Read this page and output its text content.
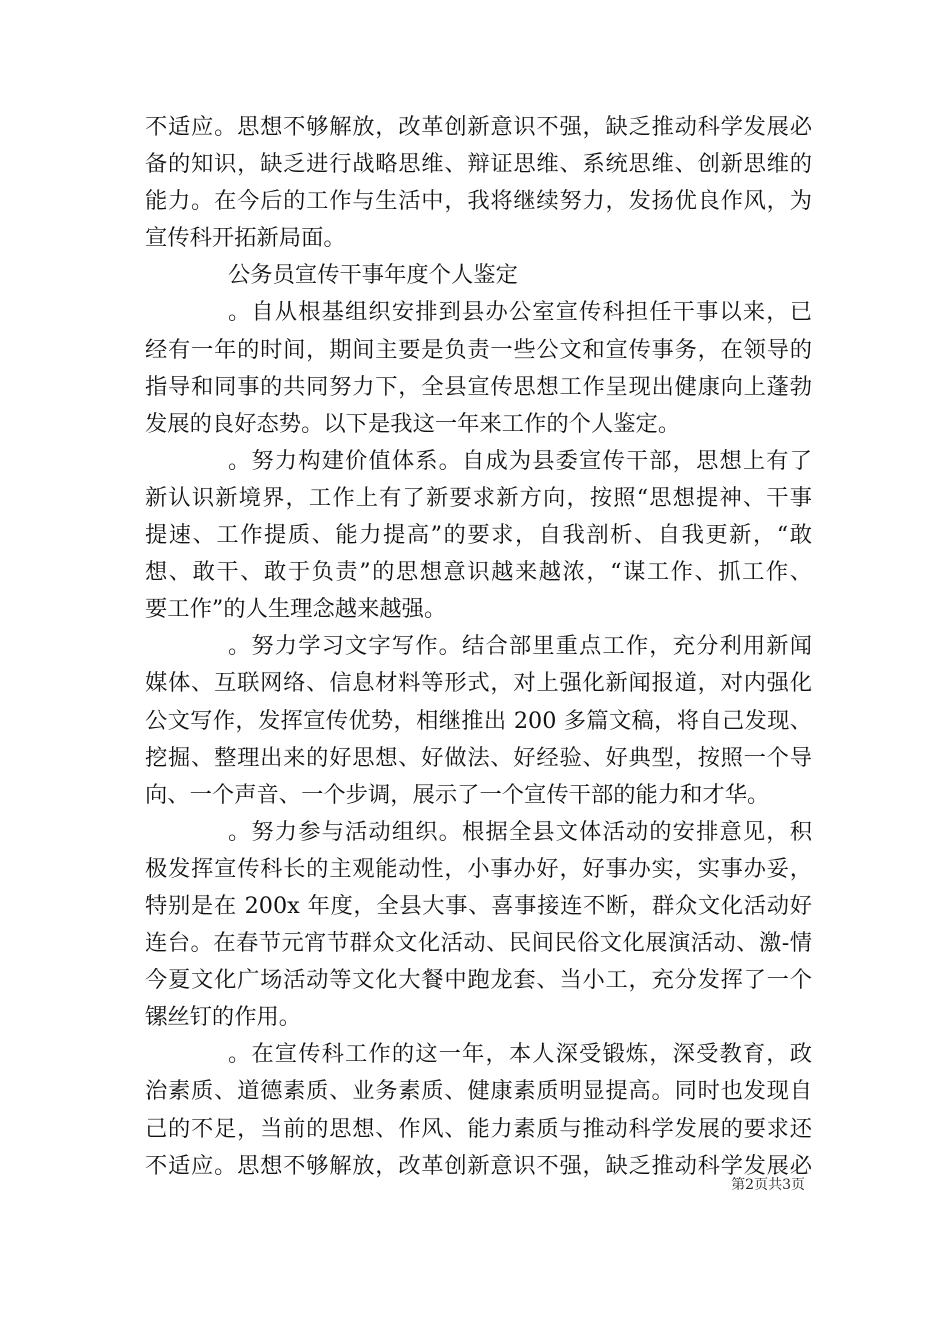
不适应。思想不够解放，改革创新意识不强，缺乏推动科学发展必
备的知识，缺乏进行战略思维、辩证思维、系统思维、创新思维的
能力。在今后的工作与生活中，我将继续努力，发扬优良作风，为
宣传科开拓新局面。
公务员宣传干事年度个人鉴定
。自从根基组织安排到县办公室宣传科担任干事以来，已
经有一年的时间，期间主要是负责一些公文和宣传事务，在领导的
指导和同事的共同努力下，全县宣传思想工作呈现出健康向上蓬勃
发展的良好态势。以下是我这一年来工作的个人鉴定。
。努力构建价值体系。自成为县委宣传干部，思想上有了
新认识新境界，工作上有了新要求新方向，按照“思想提神、干事
提速、工作提质、能力提高”的要求，自我剖析、自我更新，“敢
想、敢干、敢于负责”的思想意识越来越浓，“谋工作、抓工作、
要工作”的人生理念越来越强。
。努力学习文字写作。结合部里重点工作，充分利用新闻
媒体、互联网络、信息材料等形式，对上强化新闻报道，对内强化
公文写作，发挥宣传优势，相继推出 200 多篇文稿，将自己发现、
挖掘、整理出来的好思想、好做法、好经验、好典型，按照一个导
向、一个声音、一个步调，展示了一个宣传干部的能力和才华。
。努力参与活动组织。根据全县文体活动的安排意见，积
极发挥宣传科长的主观能动性，小事办好，好事办实，实事办妥，
特别是在 200x 年度，全县大事、喜事接连不断，群众文化活动好
连台。在春节元宵节群众文化活动、民间民俗文化展演活动、激-情
今夏文化广场活动等文化大餐中跑龙套、当小工，充分发挥了一个
镙丝钉的作用。
。在宣传科工作的这一年，本人深受锻炼，深受教育，政
治素质、道德素质、业务素质、健康素质明显提高。同时也发现自
己的不足，当前的思想、作风、能力素质与推动科学发展的要求还
不适应。思想不够解放，改革创新意识不强，缺乏推动科学发展必
第2页共3页
